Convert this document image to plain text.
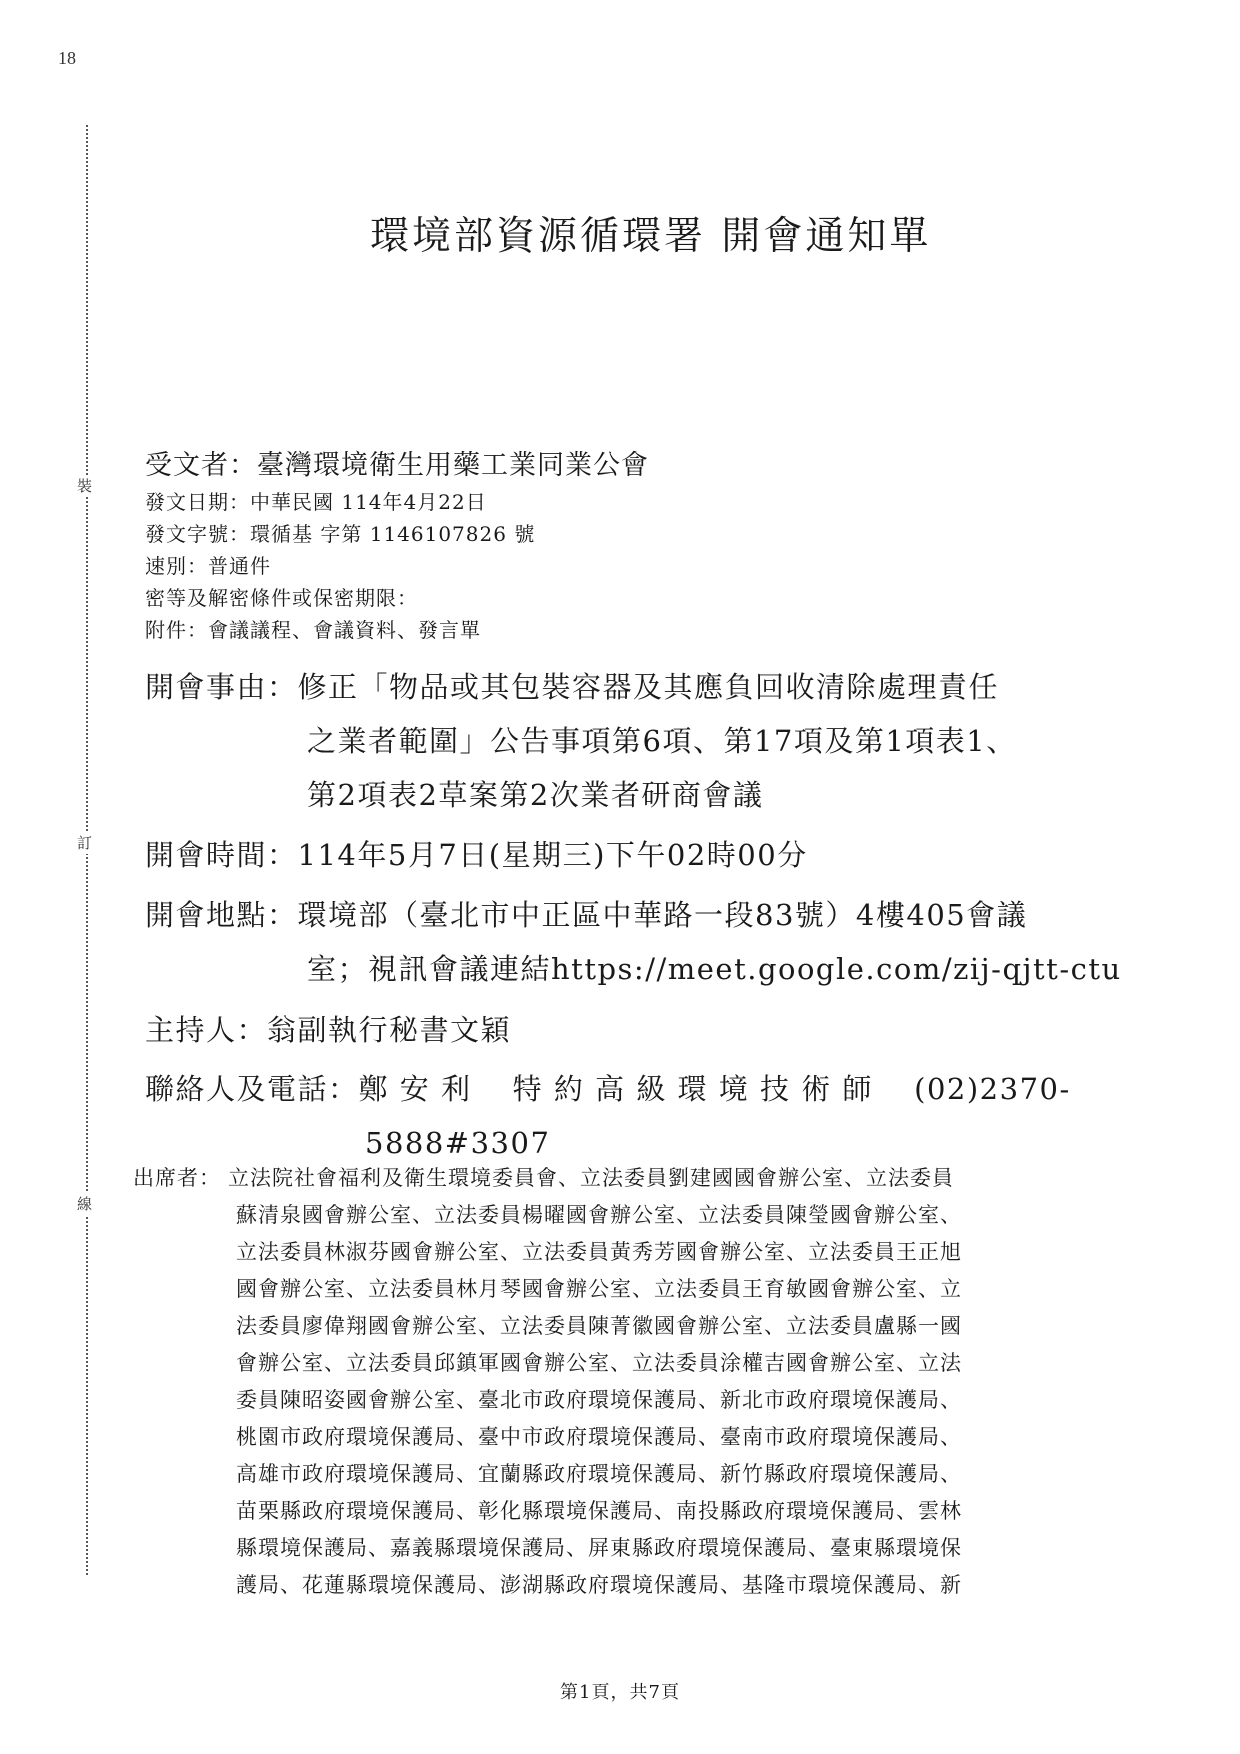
18
裝
訂
線
環境部資源循環署 開會通知單
受文者：臺灣環境衛生用藥工業同業公會
發文日期：中華民國 114年4月22日
發文字號：環循基 字第 1146107826 號
速別：普通件
密等及解密條件或保密期限：
附件：會議議程、會議資料、發言單
開會事由：修正「物品或其包裝容器及其應負回收清除處理責任
之業者範圍」公告事項第6項、第17項及第1項表1、
第2項表2草案第2次業者研商會議
開會時間：114年5月7日(星期三)下午02時00分
開會地點：環境部（臺北市中正區中華路一段83號）4樓405會議
室；視訊會議連結https://meet.google.com/zij-qjtt-ctu
主持人：翁副執行秘書文穎
聯絡人及電話：鄭 安 利　 特 約 高 級 環 境 技 術 師　 (02)2370-
5888#3307
出席者： 立法院社會福利及衛生環境委員會、立法委員劉建國國會辦公室、立法委員
蘇清泉國會辦公室、立法委員楊曜國會辦公室、立法委員陳瑩國會辦公室、
立法委員林淑芬國會辦公室、立法委員黃秀芳國會辦公室、立法委員王正旭
國會辦公室、立法委員林月琴國會辦公室、立法委員王育敏國會辦公室、立
法委員廖偉翔國會辦公室、立法委員陳菁徽國會辦公室、立法委員盧縣一國
會辦公室、立法委員邱鎮軍國會辦公室、立法委員涂權吉國會辦公室、立法
委員陳昭姿國會辦公室、臺北市政府環境保護局、新北市政府環境保護局、
桃園市政府環境保護局、臺中市政府環境保護局、臺南市政府環境保護局、
高雄市政府環境保護局、宜蘭縣政府環境保護局、新竹縣政府環境保護局、
苗栗縣政府環境保護局、彰化縣環境保護局、南投縣政府環境保護局、雲林
縣環境保護局、嘉義縣環境保護局、屏東縣政府環境保護局、臺東縣環境保
護局、花蓮縣環境保護局、澎湖縣政府環境保護局、基隆市環境保護局、新
第1頁，共7頁
